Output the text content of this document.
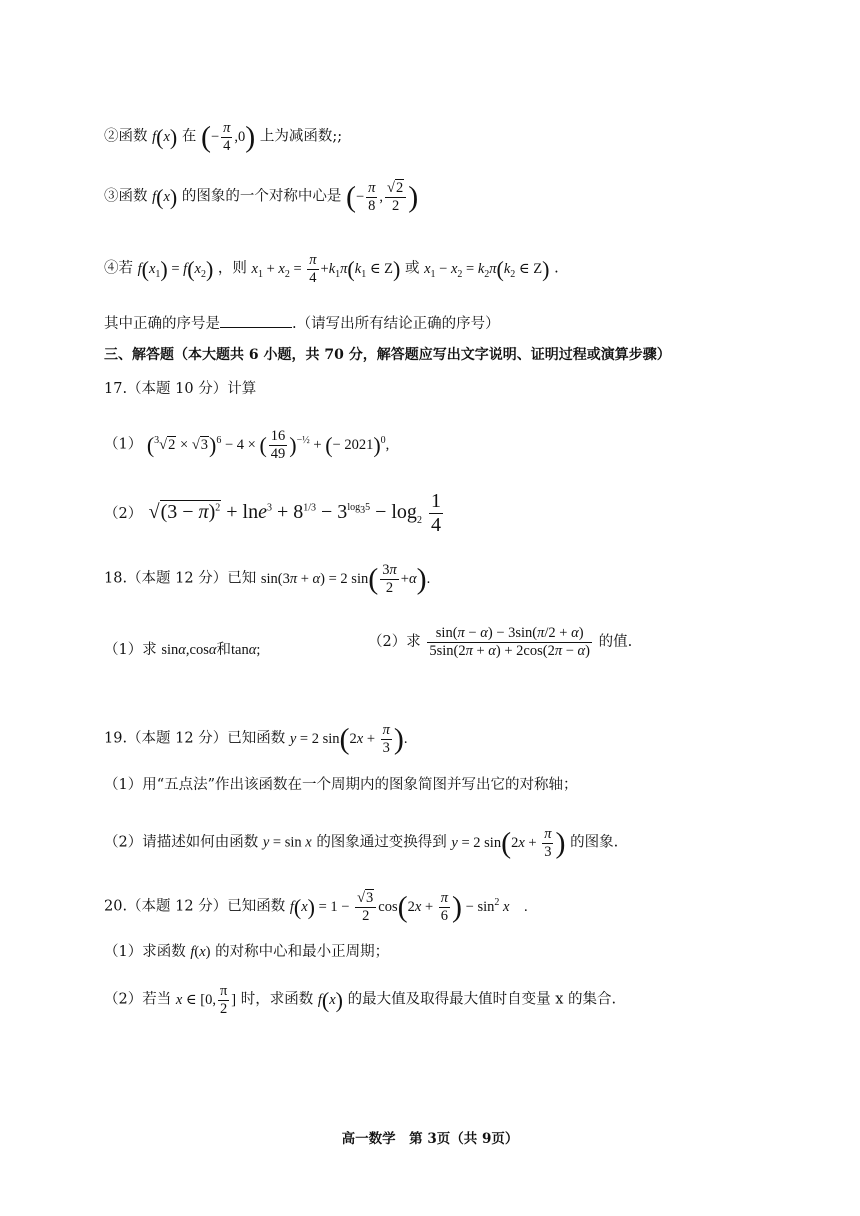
②函数 f(x) 在 (− $\frac{\pi}{4} ,0$) 上为减函数;;
③函数 f(x) 的图象的一个对称中心是 (− $\frac{\pi}{8}$ , $\frac{√2}{2}$ )
④若 $f(x_1) = f(x_2)$ ，则 $x_1 + x_2 = \frac{\pi}{4} +k_1\pi(k_1$ ∈ Z) 或 $x_1 - x_2 = k_2\pi(k_2$ ∈ Z) .
其中正确的序号是	.（请写出所有结论正确的序号）
三、解答题（本大题共 6 小题，共 70 分，解答题应写出文字说明、证明过程或演算步骤）
17.（本题 10 分）计算
（1） $(^3√2 \times √3)^6 - 4$ × ( $\frac{16}{49} )^{-\frac{1}{2}}$ + (− 2021)$^0$,
（2） $√(3 - \pi)^2 + \ln e^3 + 8^{1/3} - 3^{log_35} - \log_2 \frac{1}{4}$
18.（本题 12 分）已知 sin(3π + α) = 2 $\sin( \frac{3\pi}{2} +\alpha)$.
（1）求 sinα,cosα和tanα;	（2）求 $\frac{\sin(\pi - \alpha) - 3\sin(\pi/2 + \alpha)}{5\sin(2\pi + \alpha) + 2\cos(2\pi - \alpha)}$ 的值.
19.（本题 12 分）已知函数 y = 2 $\sin(2x + \frac{\pi}{3}$ ).
（1）用“五点法”作出该函数在一个周期内的图象简图并写出它的对称轴；
（2）请描述如何由函数 y = sin x 的图象通过变换得到 y = 2 $\sin(2x + \frac{\pi}{3}$ ) 的图象.
20.（本题 12 分）已知函数 $f(x) = 1 - \frac{√3}{2} \cos(2x + \frac{\pi}{6}$ ) − $\sin^2 x$　.
（1）求函数 f(x) 的对称中心和最小正周期；
（2）若当 x ∈ [0, $\frac{\pi}{2}$ ] 时，求函数 f(x) 的最大值及取得最大值时自变量 x 的集合.
高一数学　第 3页（共 9页）
